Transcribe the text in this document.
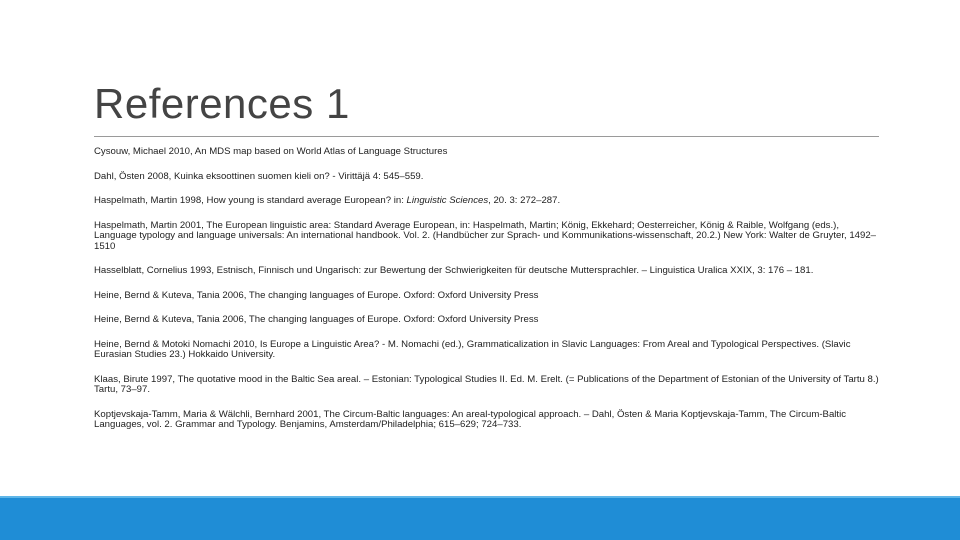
References 1

Cysouw, Michael 2010, An MDS map based on World Atlas of Language Structures

Dahl, Östen 2008, Kuinka eksoottinen suomen kieli on? - Virittäjä 4: 545–559.

Haspelmath, Martin 1998, How young is standard average European? in: Linguistic Sciences, 20. 3: 272–287.

Haspelmath, Martin 2001, The European linguistic area: Standard Average European, in: Haspelmath, Martin; König, Ekkehard; Oesterreicher, König & Raible, Wolfgang (eds.), Language typology and language universals: An international handbook. Vol. 2. (Handbücher zur Sprach- und Kommunikations-wissenschaft, 20.2.) New York: Walter de Gruyter, 1492–1510

Hasselblatt, Cornelius 1993, Estnisch, Finnisch und Ungarisch: zur Bewertung der Schwierigkeiten für deutsche Muttersprachler. – Linguistica Uralica XXIX, 3: 176 – 181.

Heine, Bernd & Kuteva, Tania 2006, The changing languages of Europe. Oxford: Oxford University Press

Heine, Bernd & Kuteva, Tania 2006, The changing languages of Europe. Oxford: Oxford University Press

Heine, Bernd & Motoki Nomachi 2010, Is Europe a Linguistic Area? - M. Nomachi (ed.), Grammaticalization in Slavic Languages: From Areal and Typological Perspectives. (Slavic Eurasian Studies 23.) Hokkaido University.

Klaas, Birute 1997, The quotative mood in the Baltic Sea areal. – Estonian: Typological Studies II. Ed. M. Erelt. (= Publications of the Department of Estonian of the University of Tartu 8.) Tartu, 73–97.

Koptjevskaja-Tamm, Maria & Wälchli, Bernhard 2001, The Circum-Baltic languages: An areal-typological approach. – Dahl, Östen & Maria Koptjevskaja-Tamm, The Circum-Baltic Languages, vol. 2. Grammar and Typology. Benjamins, Amsterdam/Philadelphia; 615–629; 724–733.
